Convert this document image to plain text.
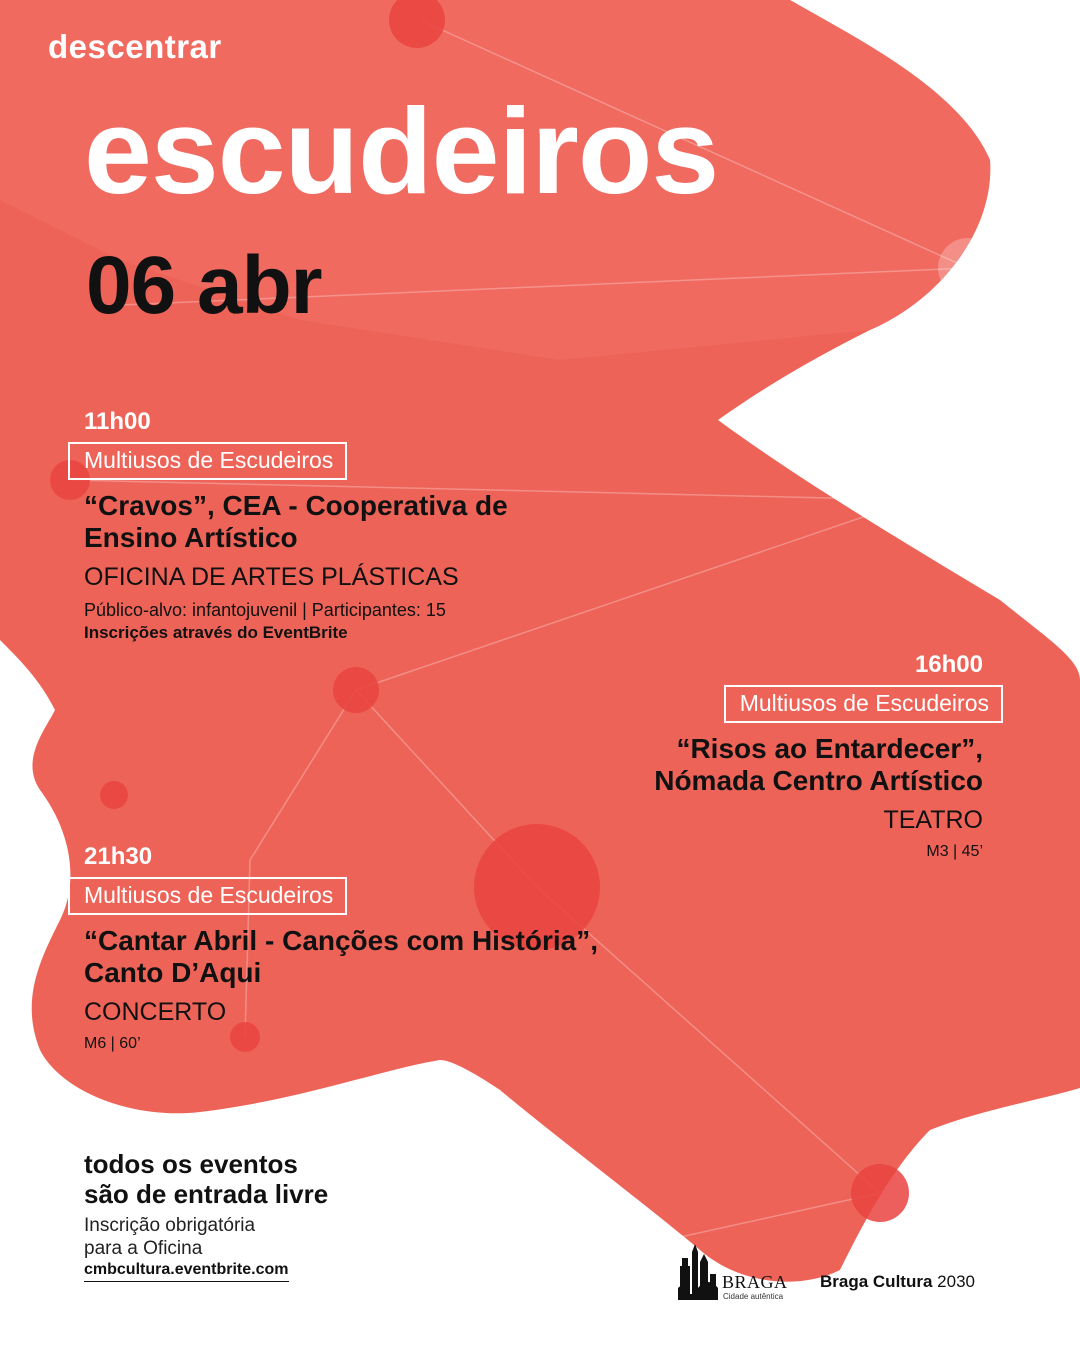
descentrar
escudeiros
06 abr
11h00
Multiusos de Escudeiros
“Cravos”, CEA - Cooperativa de
Ensino Artístico
OFICINA DE ARTES PLÁSTICAS
Público-alvo: infantojuvenil | Participantes: 15
Inscrições através do EventBrite
16h00
Multiusos de Escudeiros
“Risos ao Entardecer”,
Nómada Centro Artístico
TEATRO
M3 | 45’
21h30
Multiusos de Escudeiros
“Cantar Abril - Canções com História”,
Canto D’Aqui
CONCERTO
M6 | 60’
todos os eventos
são de entrada livre
Inscrição obrigatória
para a Oficina
cmbcultura.eventbrite.com
BRAGA
Cidade autêntica
Braga Cultura 2030
